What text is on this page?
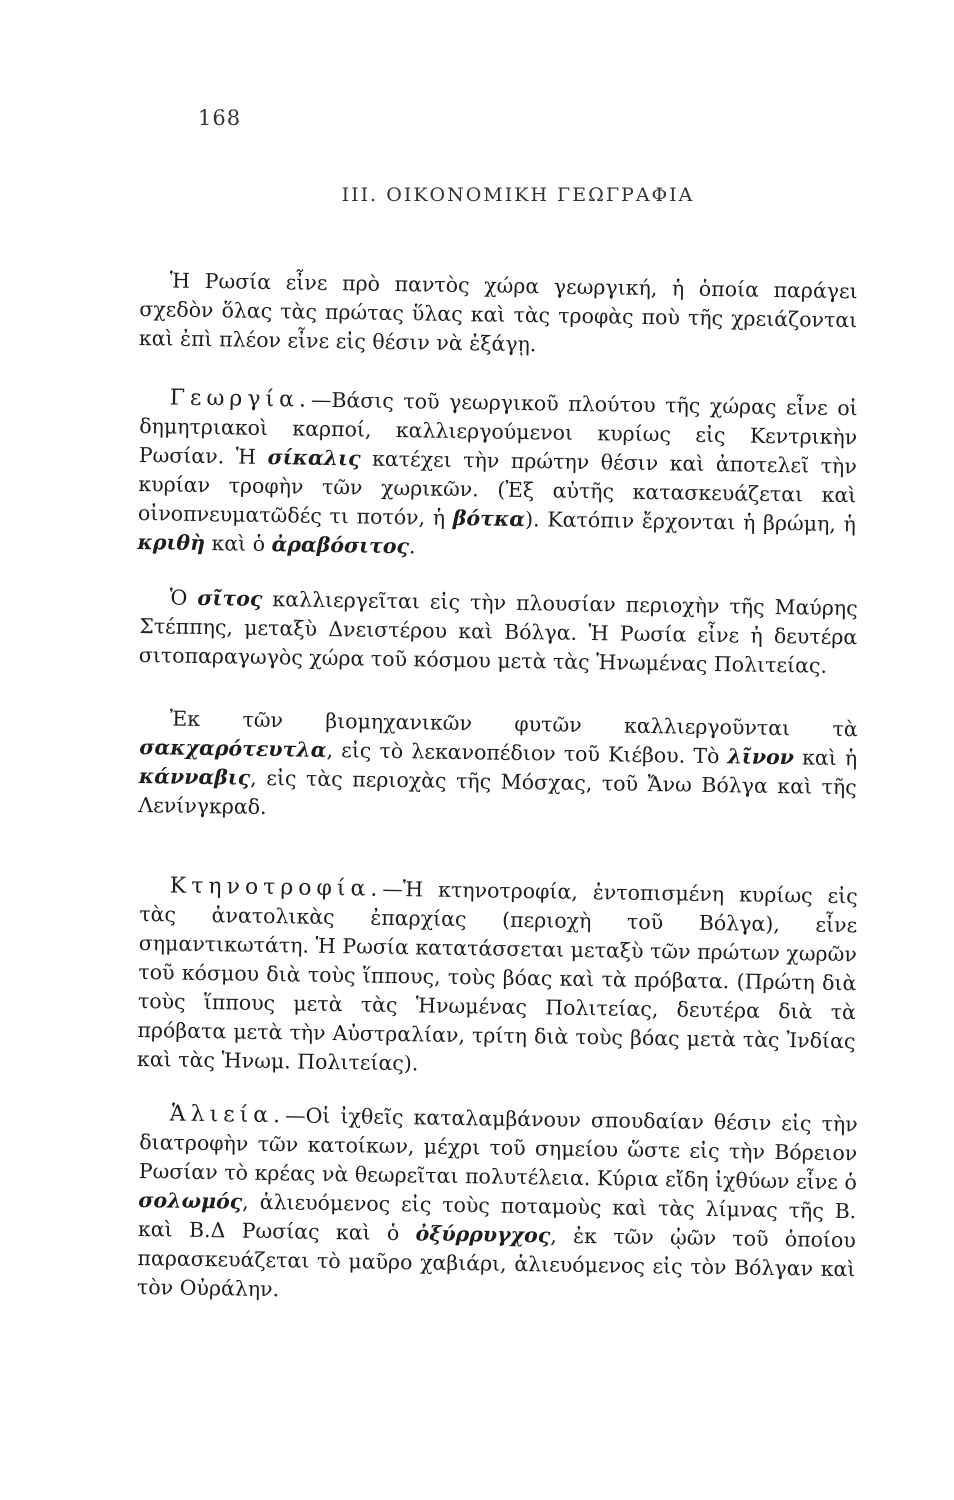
168
ΙΙΙ. ΟΙΚΟΝΟΜΙΚΗ ΓΕΩΓΡΑΦΙΑ

Ἡ Ρωσία εἶνε πρὸ παντὸς χώρα γεωργική, ἡ ὁποία παράγει σχεδὸν ὅλας τὰς πρώτας ὕλας καὶ τὰς τροφὰς ποὺ τῆς χρειάζονται καὶ ἐπὶ πλέον εἶνε εἰς θέσιν νὰ ἐξάγῃ.

Γεωργία.—Βάσις τοῦ γεωργικοῦ πλούτου τῆς χώρας εἶνε οἱ δημητριακοὶ καρποί, καλλιεργούμενοι κυρίως εἰς Κεντρικὴν Ρωσίαν. Ἡ σίκαλις κατέχει τὴν πρώτην θέσιν καὶ ἀποτελεῖ τὴν κυρίαν τροφὴν τῶν χωρικῶν. (Ἐξ αὐτῆς κατασκευάζεται καὶ οἰνοπνευματῶδές τι ποτόν, ἡ βότκα). Κατόπιν ἔρχονται ἡ βρώμη, ἡ κριθὴ καὶ ὁ ἀραβόσιτος.

Ὁ σῖτος καλλιεργεῖται εἰς τὴν πλουσίαν περιοχὴν τῆς Μαύρης Στέππης, μεταξὺ Δνειστέρου καὶ Βόλγα. Ἡ Ρωσία εἶνε ἡ δευτέρα σιτοπαραγωγὸς χώρα τοῦ κόσμου μετὰ τὰς Ἡνωμένας Πολιτείας.

Ἐκ τῶν βιομηχανικῶν φυτῶν καλλιεργοῦνται τὰ σακχαρότευτλα, εἰς τὸ λεκανοπέδιον τοῦ Κιέβου. Τὸ λῖνον καὶ ἡ κάνναβις, εἰς τὰς περιοχὰς τῆς Μόσχας, τοῦ Ἄνω Βόλγα καὶ τῆς Λενίνγκραδ.

Κτηνοτροφία.—Ἡ κτηνοτροφία, ἐντοπισμένη κυρίως εἰς τὰς ἀνατολικὰς ἐπαρχίας (περιοχὴ τοῦ Βόλγα), εἶνε σημαντικωτάτη. Ἡ Ρωσία κατατάσσεται μεταξὺ τῶν πρώτων χωρῶν τοῦ κόσμου διὰ τοὺς ἵππους, τοὺς βόας καὶ τὰ πρόβατα. (Πρώτη διὰ τοὺς ἵππους μετὰ τὰς Ἡνωμένας Πολιτείας, δευτέρα διὰ τὰ πρόβατα μετὰ τὴν Αὐστραλίαν, τρίτη διὰ τοὺς βόας μετὰ τὰς Ἰνδίας καὶ τὰς Ἡνωμ. Πολιτείας).

Ἁλιεία.—Οἱ ἰχθεῖς καταλαμβάνουν σπουδαίαν θέσιν εἰς τὴν διατροφὴν τῶν κατοίκων, μέχρι τοῦ σημείου ὥστε εἰς τὴν Βόρειον Ρωσίαν τὸ κρέας νὰ θεωρεῖται πολυτέλεια. Κύρια εἴδη ἰχθύων εἶνε ὁ σολωμός, ἁλιευόμενος εἰς τοὺς ποταμοὺς καὶ τὰς λίμνας τῆς Β. καὶ Β.Δ Ρωσίας καὶ ὁ ὀξύρρυγχος, ἐκ τῶν ᾠῶν τοῦ ὁποίου παρασκευάζεται τὸ μαῦρο χαβιάρι, ἁλιευόμενος εἰς τὸν Βόλγαν καὶ τὸν Οὐράλην.
